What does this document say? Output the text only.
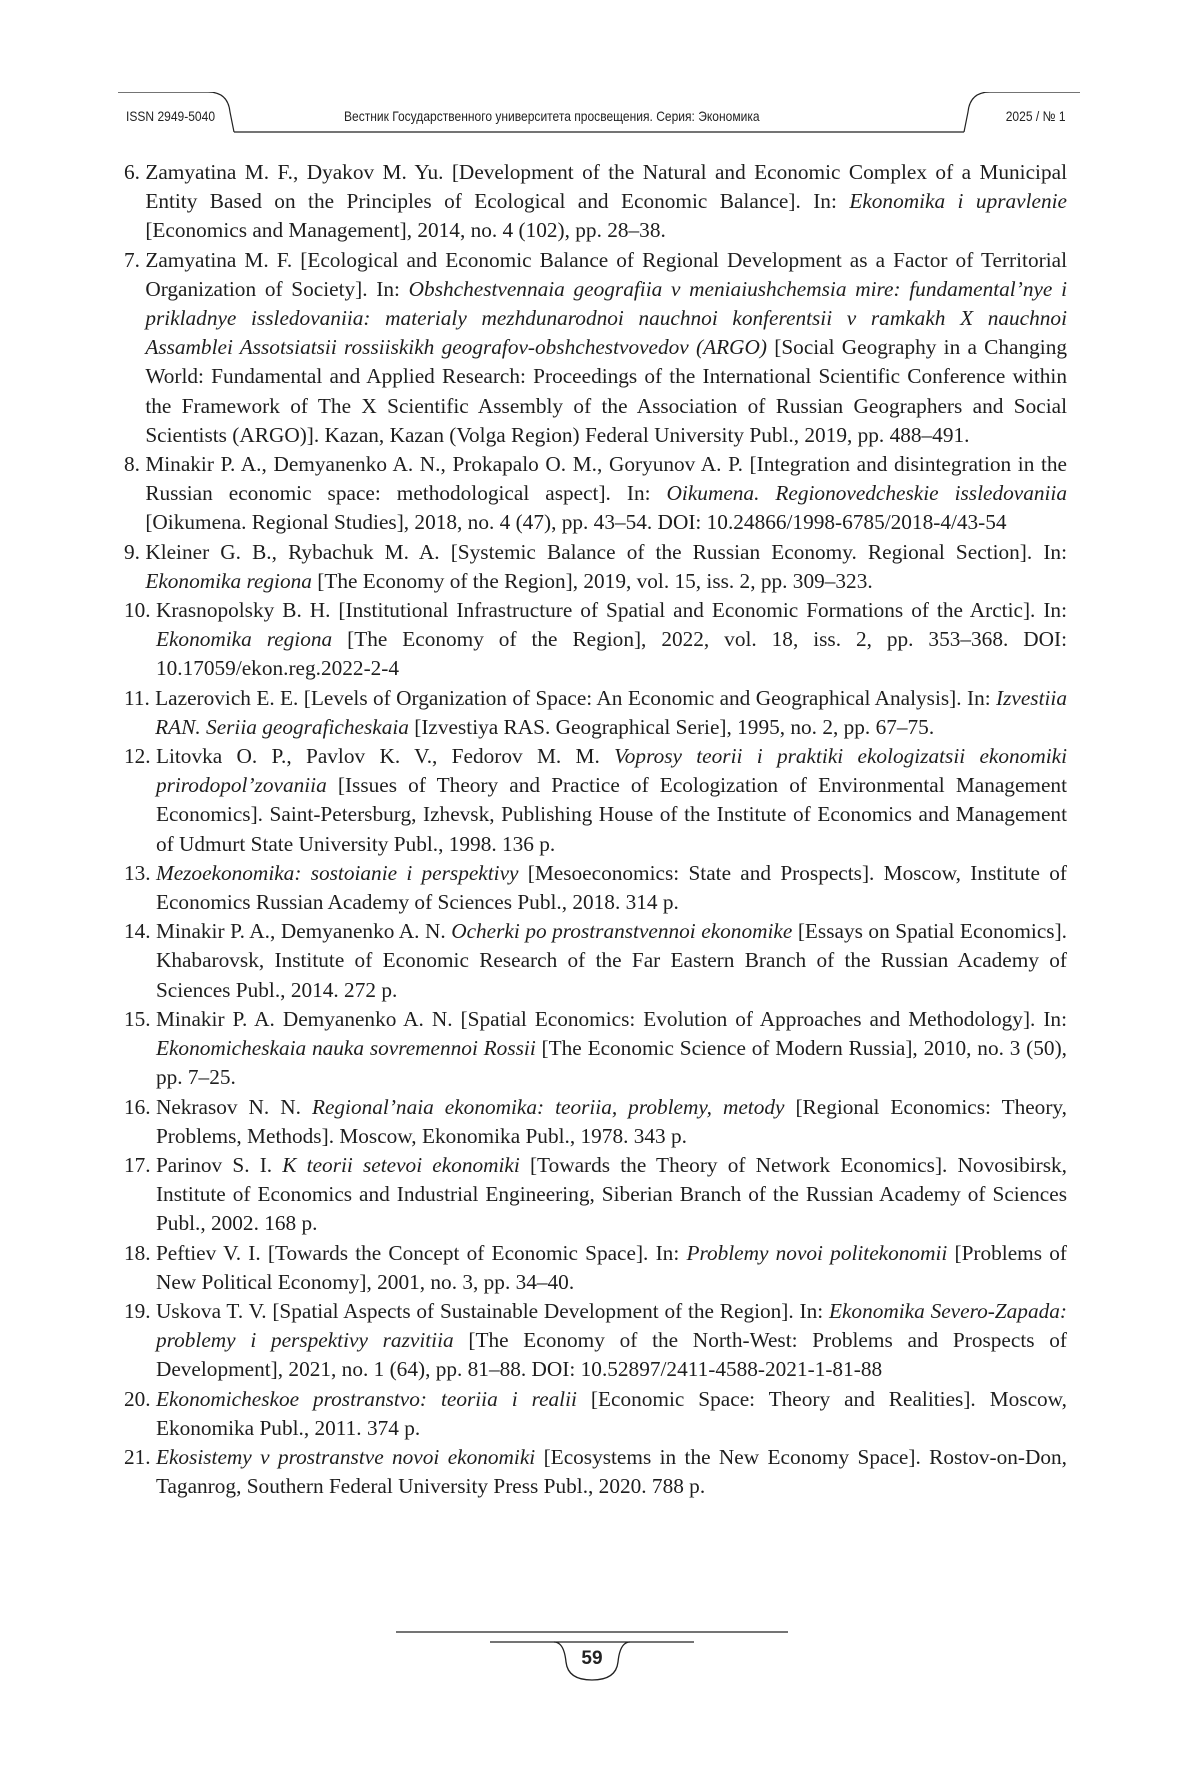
ISSN 2949-5040	Вестник Государственного университета просвещения. Серия: Экономика	2025 / № 1
6. Zamyatina M. F., Dyakov M. Yu. [Development of the Natural and Economic Complex of a Municipal Entity Based on the Principles of Ecological and Economic Balance]. In: Ekonomika i upravlenie [Economics and Management], 2014, no. 4 (102), pp. 28–38.
7. Zamyatina M. F. [Ecological and Economic Balance of Regional Development as a Factor of Territorial Organization of Society]. In: Obshchestvennaia geografiia v meniaiushchemsia mire: fundamental’nye i prikladnye issledovaniia: materialy mezhdunarodnoi nauchnoi konferentsii v ramkakh X nauchnoi Assamblei Assotsiatsii rossiiskikh geografov-obshchestvovedov (ARGO) [Social Geography in a Changing World: Fundamental and Applied Research: Proceedings of the International Scientific Conference within the Framework of The X Scientific Assembly of the Association of Russian Geographers and Social Scientists (ARGO)]. Kazan, Kazan (Volga Region) Federal University Publ., 2019, pp. 488–491.
8. Minakir P. A., Demyanenko A. N., Prokapalo O. M., Goryunov A. P. [Integration and disintegration in the Russian economic space: methodological aspect]. In: Oikumena. Regionovedcheskie issledovaniia [Oikumena. Regional Studies], 2018, no. 4 (47), pp. 43–54. DOI: 10.24866/1998-6785/2018-4/43-54
9. Kleiner G. B., Rybachuk M. A. [Systemic Balance of the Russian Economy. Regional Section]. In: Ekonomika regiona [The Economy of the Region], 2019, vol. 15, iss. 2, pp. 309–323.
10. Krasnopolsky B. H. [Institutional Infrastructure of Spatial and Economic Formations of the Arctic]. In: Ekonomika regiona [The Economy of the Region], 2022, vol. 18, iss. 2, pp. 353–368. DOI: 10.17059/ekon.reg.2022-2-4
11. Lazerovich E. E. [Levels of Organization of Space: An Economic and Geographical Analysis]. In: Izvestiia RAN. Seriia geograficheskaia [Izvestiya RAS. Geographical Serie], 1995, no. 2, pp. 67–75.
12. Litovka O. P., Pavlov K. V., Fedorov M. M. Voprosy teorii i praktiki ekologizatsii ekonomiki prirodopol’zovaniia [Issues of Theory and Practice of Ecologization of Environmental Management Economics]. Saint-Petersburg, Izhevsk, Publishing House of the Institute of Economics and Management of Udmurt State University Publ., 1998. 136 p.
13. Mezoekonomika: sostoianie i perspektivy [Mesoeconomics: State and Prospects]. Moscow, Institute of Economics Russian Academy of Sciences Publ., 2018. 314 p.
14. Minakir P. A., Demyanenko A. N. Ocherki po prostranstvennoi ekonomike [Essays on Spatial Economics]. Khabarovsk, Institute of Economic Research of the Far Eastern Branch of the Russian Academy of Sciences Publ., 2014. 272 p.
15. Minakir P. A. Demyanenko A. N. [Spatial Economics: Evolution of Approaches and Methodology]. In: Ekonomicheskaia nauka sovremennoi Rossii [The Economic Science of Modern Russia], 2010, no. 3 (50), pp. 7–25.
16. Nekrasov N. N. Regional’naia ekonomika: teoriia, problemy, metody [Regional Economics: Theory, Problems, Methods]. Moscow, Ekonomika Publ., 1978. 343 p.
17. Parinov S. I. K teorii setevoi ekonomiki [Towards the Theory of Network Economics]. Novosibirsk, Institute of Economics and Industrial Engineering, Siberian Branch of the Russian Academy of Sciences Publ., 2002. 168 p.
18. Peftiev V. I. [Towards the Concept of Economic Space]. In: Problemy novoi politekonomii [Problems of New Political Economy], 2001, no. 3, pp. 34–40.
19. Uskova T. V. [Spatial Aspects of Sustainable Development of the Region]. In: Ekonomika Severo-Zapada: problemy i perspektivy razvitiia [The Economy of the North-West: Problems and Prospects of Development], 2021, no. 1 (64), pp. 81–88. DOI: 10.52897/2411-4588-2021-1-81-88
20. Ekonomicheskoe prostranstvo: teoriia i realii [Economic Space: Theory and Realities]. Moscow, Ekonomika Publ., 2011. 374 p.
21. Ekosistemy v prostranstve novoi ekonomiki [Ecosystems in the New Economy Space]. Rostov-on-Don, Taganrog, Southern Federal University Press Publ., 2020. 788 p.
59
